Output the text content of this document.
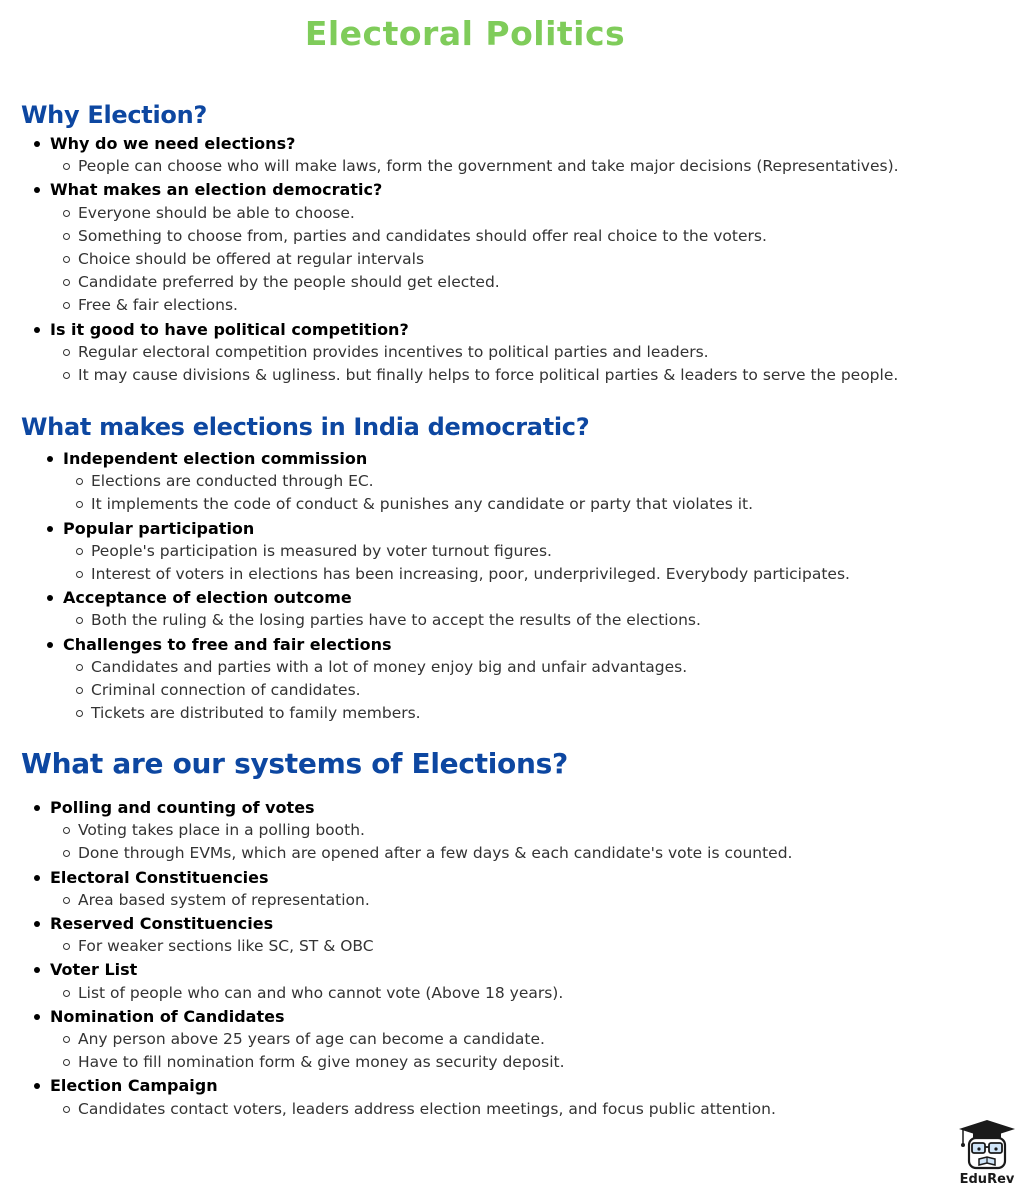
Electoral Politics
Why Election?
Why do we need elections?
People can choose who will make laws, form the government and take major decisions (Representatives).
What makes an election democratic?
Everyone should be able to choose.
Something to choose from, parties and candidates should offer real choice to the voters.
Choice should be offered at regular intervals
Candidate preferred by the people should get elected.
Free & fair elections.
Is it good to have political competition?
Regular electoral competition provides incentives to political parties and leaders.
It may cause divisions & ugliness. but finally helps to force political parties & leaders to serve the people.
What makes elections in India democratic?
Independent election commission
Elections are conducted through EC.
It implements the code of conduct & punishes any candidate or party that violates it.
Popular participation
People's participation is measured by voter turnout figures.
Interest of voters in elections has been increasing, poor, underprivileged. Everybody participates.
Acceptance of election outcome
Both the ruling & the losing parties have to accept the results of the elections.
Challenges to free and fair elections
Candidates and parties with a lot of money enjoy big and unfair advantages.
Criminal connection of candidates.
Tickets are distributed to family members.
What are our systems of Elections?
Polling and counting of votes
Voting takes place in a polling booth.
Done through EVMs, which are opened after a few days & each candidate's vote is counted.
Electoral Constituencies
Area based system of representation.
Reserved Constituencies
For weaker sections like SC, ST & OBC
Voter List
List of people who can and who cannot vote (Above 18 years).
Nomination of Candidates
Any person above 25 years of age can become a candidate.
Have to fill nomination form & give money as security deposit.
Election Campaign
Candidates contact voters, leaders address election meetings, and focus public attention.
EduRev
